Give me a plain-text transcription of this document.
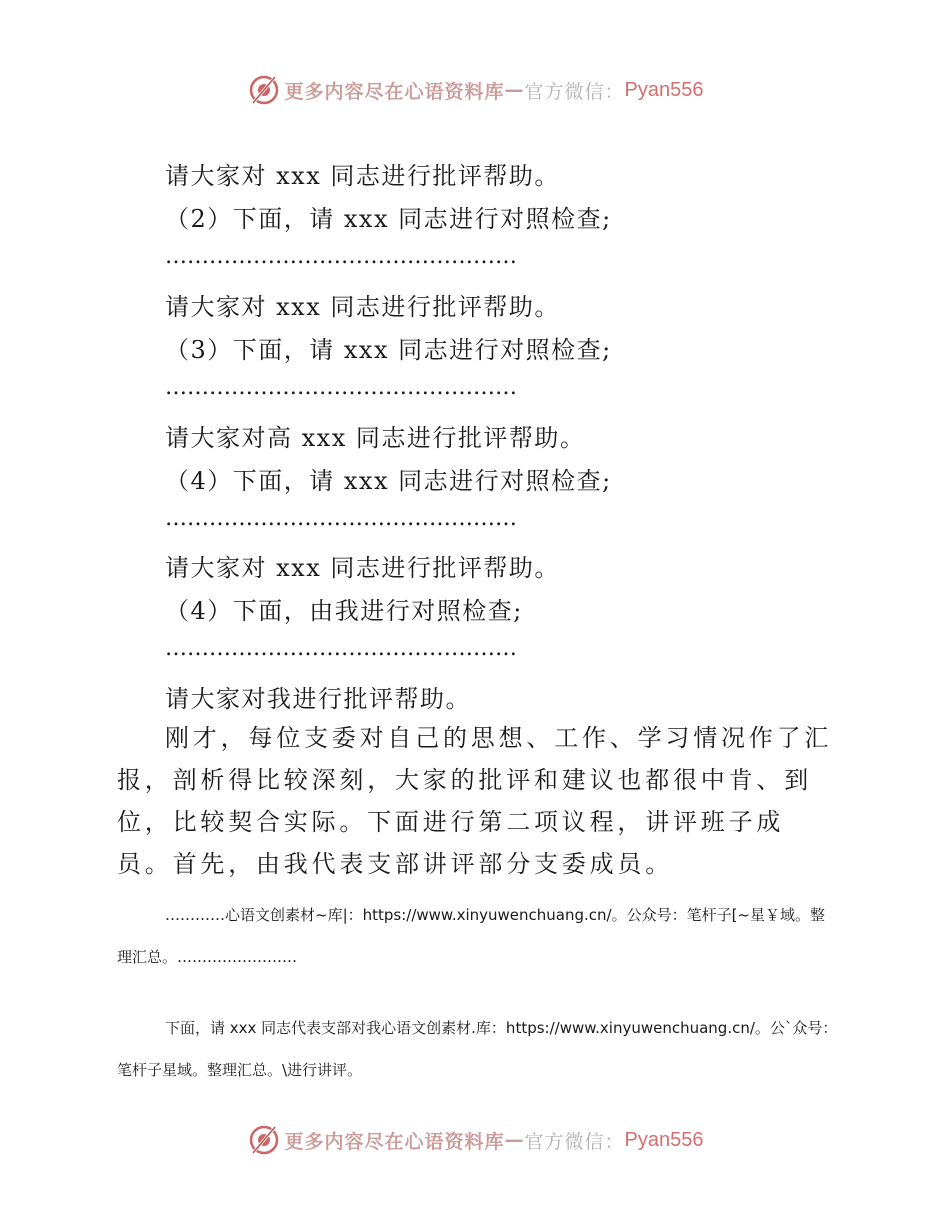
更多内容尽在心语资料库 — 官方微信： Pyan556
请大家对 xxx 同志进行批评帮助。
（2）下面，请 xxx 同志进行对照检查;
…………………………………………
请大家对 xxx 同志进行批评帮助。
（3）下面，请 xxx 同志进行对照检查;
…………………………………………
请大家对高 xxx 同志进行批评帮助。
（4）下面，请 xxx 同志进行对照检查;
…………………………………………
请大家对 xxx 同志进行批评帮助。
（4）下面，由我进行对照检查;
…………………………………………
请大家对我进行批评帮助。

刚才，每位支委对自己的思想、工作、学习情况作了汇报，剖析得比较深刻，大家的批评和建议也都很中肯、到位，比较契合实际。下面进行第二项议程，讲评班子成员。首先，由我代表支部讲评部分支委成员。

…………心语文创素材~库|：https://www.xinyuwenchuang.cn/。公众号：笔杆子[~星￥域。整理汇总。……………………

下面，请 xxx 同志代表支部对我心语文创素材.库：https://www.xinyuwenchuang.cn/。公`众号：笔杆子星域。整理汇总。\进行讲评。

更多内容尽在心语资料库 — 官方微信： Pyan556
